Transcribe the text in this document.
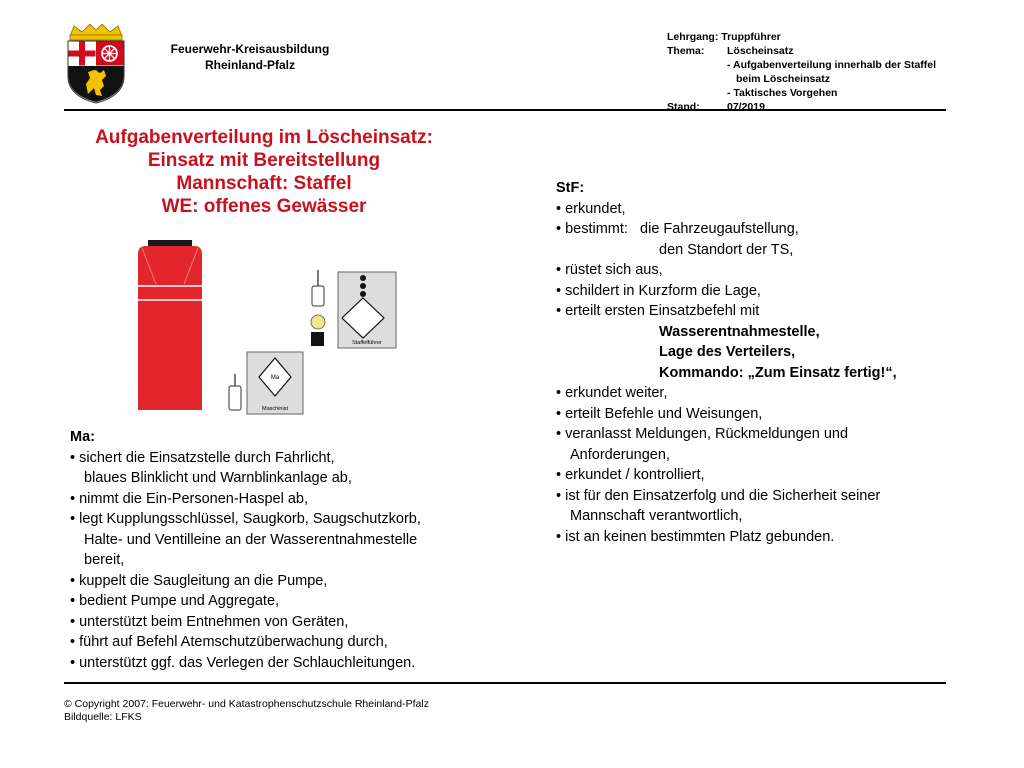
Feuerwehr-Kreisausbildung
Rheinland-Pfalz
Lehrgang: Truppführer
Thema: Löscheinsatz
- Aufgabenverteilung innerhalb der Staffel
beim Löscheinsatz
- Taktisches Vorgehen
Stand:	07/2019
Aufgabenverteilung im Löscheinsatz:
Einsatz mit Bereitstellung
Mannschaft: Staffel
WE: offenes Gewässer
Staffelführer
Ma
Maschinist
Ma:
• sichert die Einsatzstelle durch Fahrlicht,
blaues Blinklicht und Warnblinkanlage ab,
• nimmt die Ein-Personen-Haspel ab,
• legt Kupplungsschlüssel, Saugkorb, Saugschutzkorb,
Halte- und Ventilleine an der Wasserentnahmestelle
bereit,
• kuppelt die Saugleitung an die Pumpe,
• bedient Pumpe und Aggregate,
• unterstützt beim Entnehmen von Geräten,
• führt auf Befehl Atemschutzüberwachung durch,
• unterstützt ggf. das Verlegen der Schlauchleitungen.
StF:
• erkundet,
• bestimmt:   die Fahrzeugaufstellung,
den Standort der TS,
• rüstet sich aus,
• schildert in Kurzform die Lage,
• erteilt ersten Einsatzbefehl mit
Wasserentnahmestelle,
Lage des Verteilers,
Kommando: „Zum Einsatz fertig!“,
• erkundet weiter,
• erteilt Befehle und Weisungen,
• veranlasst Meldungen, Rückmeldungen und
Anforderungen,
• erkundet / kontrolliert,
• ist für den Einsatzerfolg und die Sicherheit seiner
Mannschaft verantwortlich,
• ist an keinen bestimmten Platz gebunden.
© Copyright 2007: Feuerwehr- und Katastrophenschutzschule Rheinland-Pfalz
Bildquelle: LFKS
